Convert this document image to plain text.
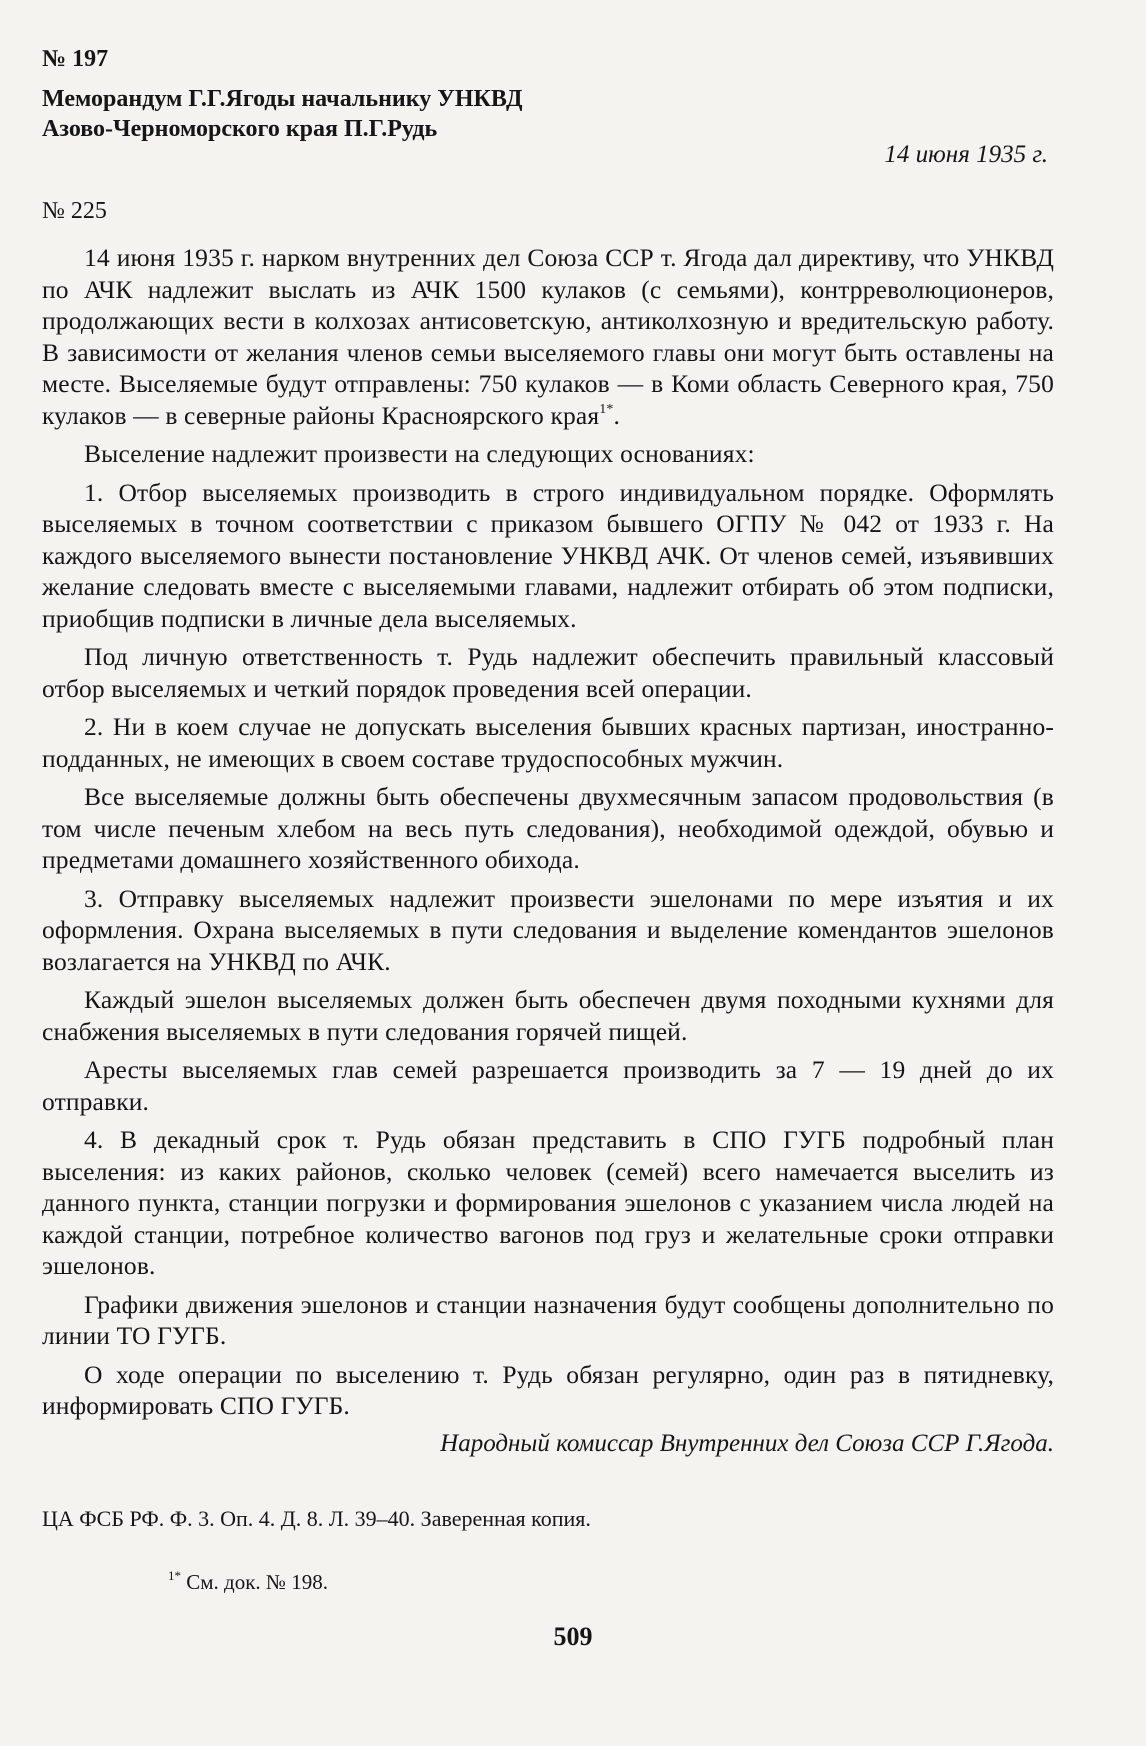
№ 197
Меморандум Г.Г.Ягоды начальнику УНКВД
Азово-Черноморского края П.Г.Рудь
14 июня 1935 г.
№ 225

14 июня 1935 г. нарком внутренних дел Союза ССР т. Ягода дал директиву, что УНКВД по АЧК надлежит выслать из АЧК 1500 кулаков (с семьями), контрреволюционеров, продолжающих вести в колхозах антисоветскую, антиколхозную и вредительскую работу. В зависимости от желания членов семьи выселяемого главы они могут быть оставлены на месте. Выселяемые будут отправлены: 750 кулаков — в Коми область Северного края, 750 кулаков — в северные районы Красноярского края$^{1*}$.

Выселение надлежит произвести на следующих основаниях:

1. Отбор выселяемых производить в строго индивидуальном порядке. Оформлять выселяемых в точном соответствии с приказом бывшего ОГПУ № 042 от 1933 г. На каждого выселяемого вынести постановление УНКВД АЧК. От членов семей, изъявивших желание следовать вместе с выселяемыми главами, надлежит отбирать об этом подписки, приобщив подписки в личные дела выселяемых.

Под личную ответственность т. Рудь надлежит обеспечить правильный классовый отбор выселяемых и четкий порядок проведения всей операции.

2. Ни в коем случае не допускать выселения бывших красных партизан, иностранно-подданных, не имеющих в своем составе трудоспособных мужчин.

Все выселяемые должны быть обеспечены двухмесячным запасом продовольствия (в том числе печеным хлебом на весь путь следования), необходимой одеждой, обувью и предметами домашнего хозяйственного обихода.

3. Отправку выселяемых надлежит произвести эшелонами по мере изъятия и их оформления. Охрана выселяемых в пути следования и выделение комендантов эшелонов возлагается на УНКВД по АЧК.

Каждый эшелон выселяемых должен быть обеспечен двумя походными кухнями для снабжения выселяемых в пути следования горячей пищей.

Аресты выселяемых глав семей разрешается производить за 7 — 19 дней до их отправки.

4. В декадный срок т. Рудь обязан представить в СПО ГУГБ подробный план выселения: из каких районов, сколько человек (семей) всего намечается выселить из данного пункта, станции погрузки и формирования эшелонов с указанием числа людей на каждой станции, потребное количество вагонов под груз и желательные сроки отправки эшелонов.

Графики движения эшелонов и станции назначения будут сообщены дополнительно по линии ТО ГУГБ.

О ходе операции по выселению т. Рудь обязан регулярно, один раз в пятидневку, информировать СПО ГУГБ.

Народный комиссар Внутренних дел Союза ССР Г.Ягода.
ЦА ФСБ РФ. Ф. 3. Оп. 4. Д. 8. Л. 39–40. Заверенная копия.
$^{1*}$ См. док. № 198.
509
